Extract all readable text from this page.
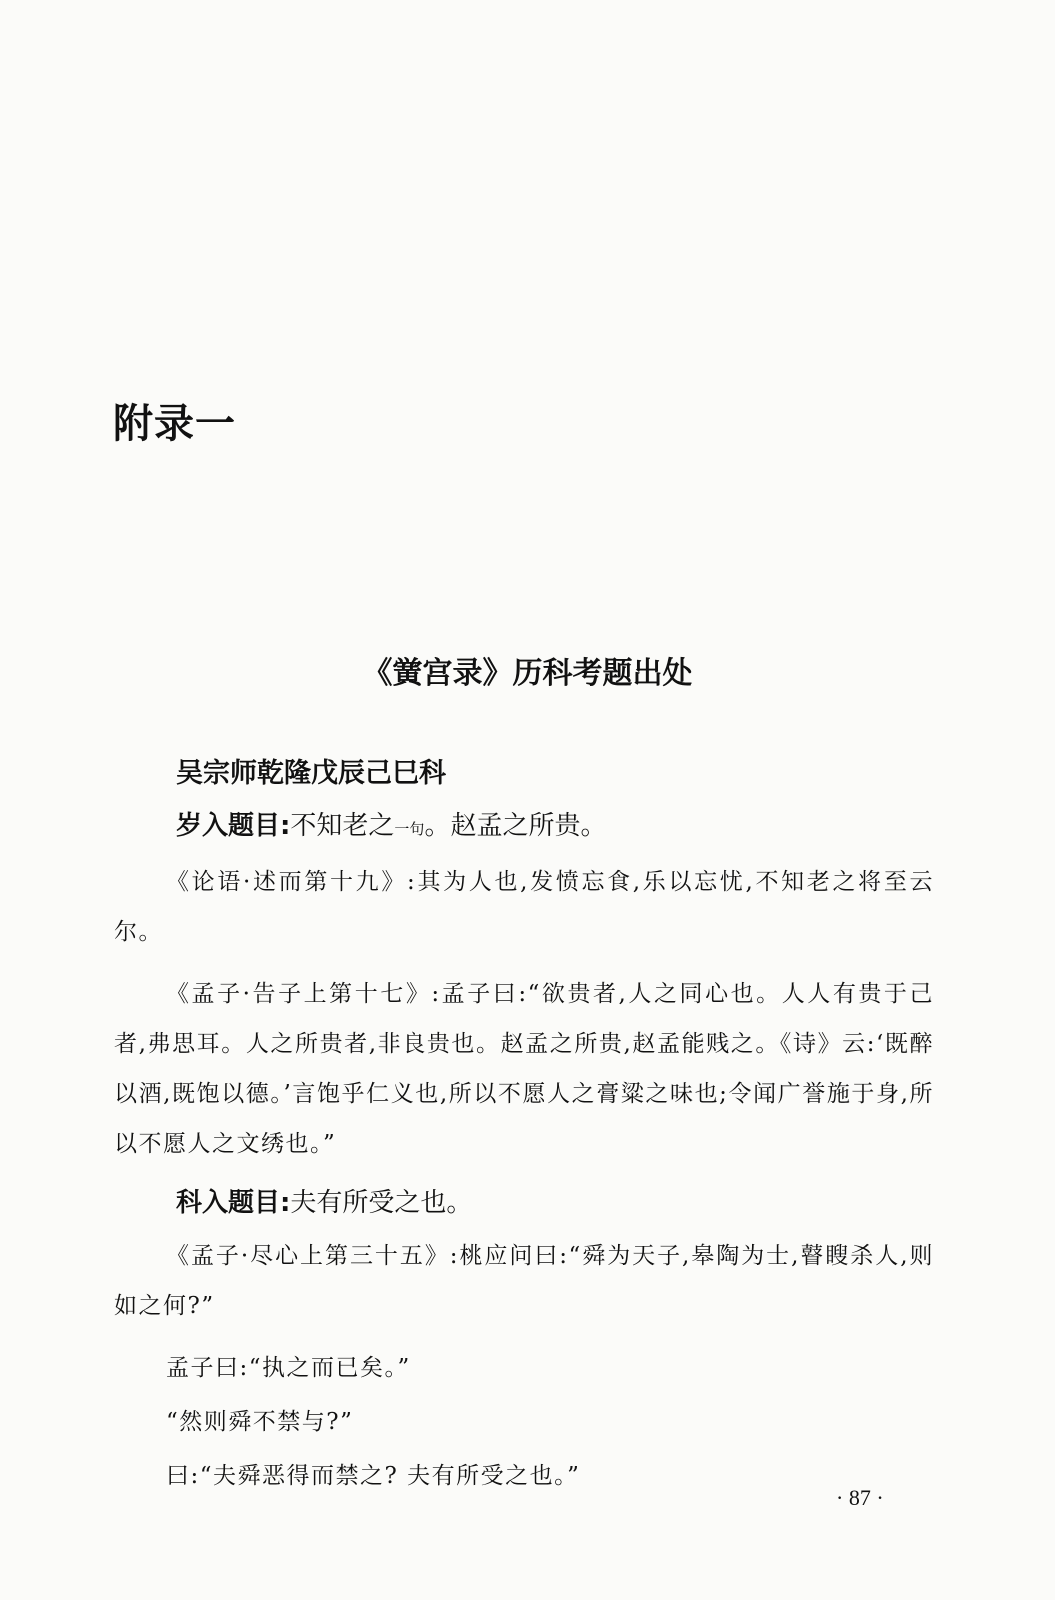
附录一
《黉宫录》历科考题出处
吴宗师乾隆戊辰己巳科

岁入题目:不知老之一句。赵孟之所贵。

《论语·述而第十九》:其为人也,发愤忘食,乐以忘忧,不知老之将至云尔。

《孟子·告子上第十七》:孟子曰:“欲贵者,人之同心也。人人有贵于己者,弗思耳。人之所贵者,非良贵也。赵孟之所贵,赵孟能贱之。《诗》云:‘既醉以酒,既饱以德。’言饱乎仁义也,所以不愿人之膏粱之味也;令闻广誉施于身,所以不愿人之文绣也。”

科入题目:夫有所受之也。

《孟子·尽心上第三十五》:桃应问曰:“舜为天子,皋陶为士,瞽瞍杀人,则如之何?”

孟子曰:“执之而已矣。”

“然则舜不禁与?”

曰:“夫舜恶得而禁之? 夫有所受之也。”

· 87 ·
